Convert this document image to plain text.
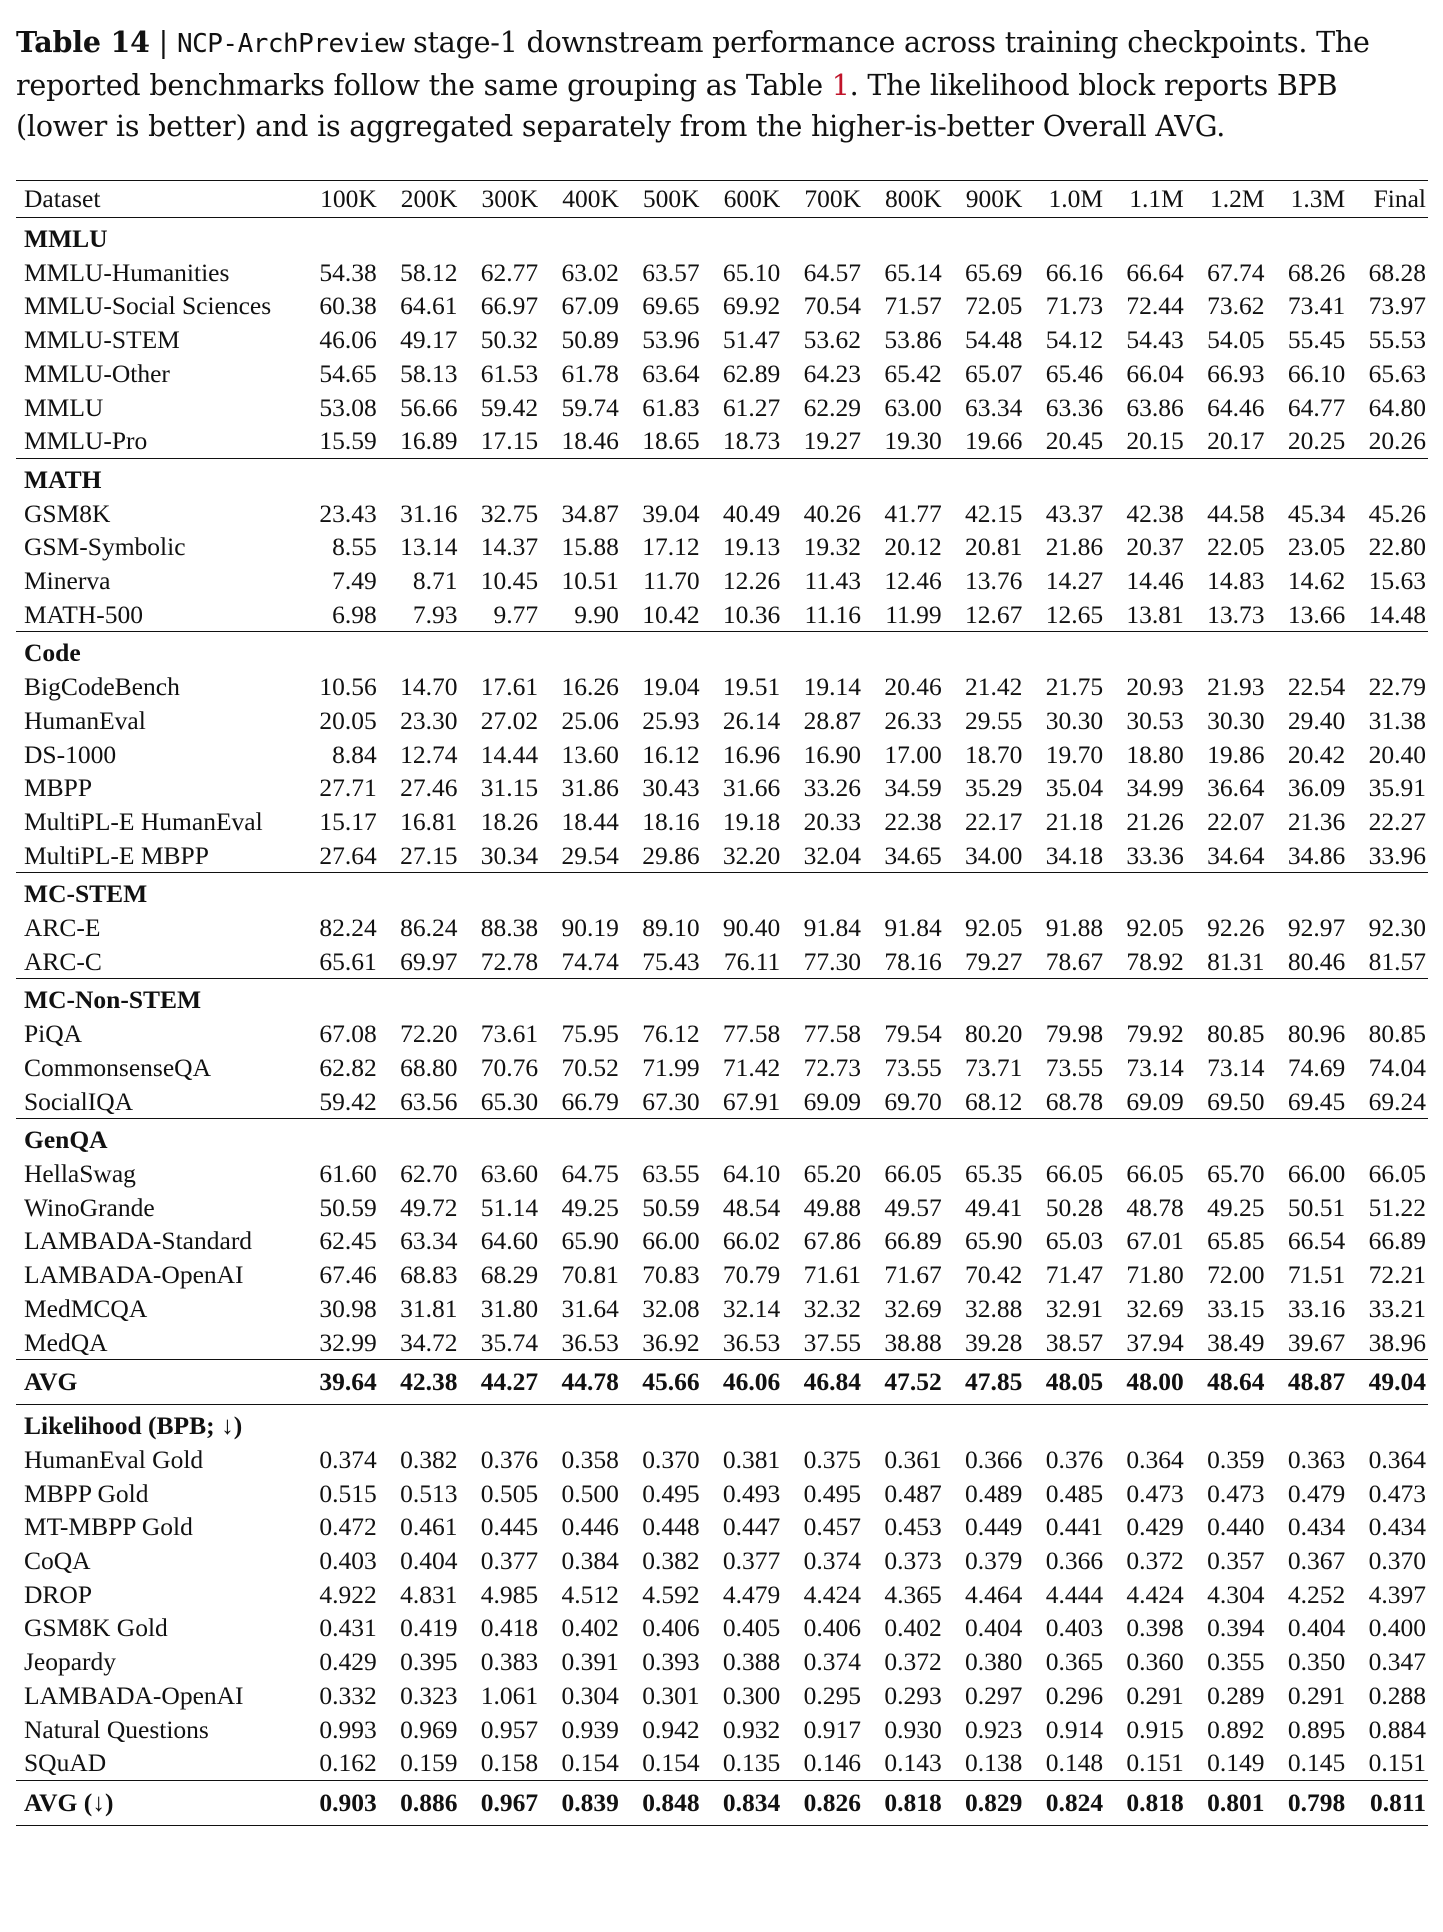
Table 14 | NCP-ArchPreview stage-1 downstream performance across training checkpoints. The reported benchmarks follow the same grouping as Table 1. The likelihood block reports BPB (lower is better) and is aggregated separately from the higher-is-better Overall AVG.
Dataset	100K	200K	300K	400K	500K	600K	700K	800K	900K	1.0M	1.1M	1.2M	1.3M	Final
MMLU														
MMLU-Humanities	54.38	58.12	62.77	63.02	63.57	65.10	64.57	65.14	65.69	66.16	66.64	67.74	68.26	68.28
MMLU-Social Sciences	60.38	64.61	66.97	67.09	69.65	69.92	70.54	71.57	72.05	71.73	72.44	73.62	73.41	73.97
MMLU-STEM	46.06	49.17	50.32	50.89	53.96	51.47	53.62	53.86	54.48	54.12	54.43	54.05	55.45	55.53
MMLU-Other	54.65	58.13	61.53	61.78	63.64	62.89	64.23	65.42	65.07	65.46	66.04	66.93	66.10	65.63
MMLU	53.08	56.66	59.42	59.74	61.83	61.27	62.29	63.00	63.34	63.36	63.86	64.46	64.77	64.80
MMLU-Pro	15.59	16.89	17.15	18.46	18.65	18.73	19.27	19.30	19.66	20.45	20.15	20.17	20.25	20.26
MATH														
GSM8K	23.43	31.16	32.75	34.87	39.04	40.49	40.26	41.77	42.15	43.37	42.38	44.58	45.34	45.26
GSM-Symbolic	8.55	13.14	14.37	15.88	17.12	19.13	19.32	20.12	20.81	21.86	20.37	22.05	23.05	22.80
Minerva	7.49	8.71	10.45	10.51	11.70	12.26	11.43	12.46	13.76	14.27	14.46	14.83	14.62	15.63
MATH-500	6.98	7.93	9.77	9.90	10.42	10.36	11.16	11.99	12.67	12.65	13.81	13.73	13.66	14.48
Code														
BigCodeBench	10.56	14.70	17.61	16.26	19.04	19.51	19.14	20.46	21.42	21.75	20.93	21.93	22.54	22.79
HumanEval	20.05	23.30	27.02	25.06	25.93	26.14	28.87	26.33	29.55	30.30	30.53	30.30	29.40	31.38
DS-1000	8.84	12.74	14.44	13.60	16.12	16.96	16.90	17.00	18.70	19.70	18.80	19.86	20.42	20.40
MBPP	27.71	27.46	31.15	31.86	30.43	31.66	33.26	34.59	35.29	35.04	34.99	36.64	36.09	35.91
MultiPL-E HumanEval	15.17	16.81	18.26	18.44	18.16	19.18	20.33	22.38	22.17	21.18	21.26	22.07	21.36	22.27
MultiPL-E MBPP	27.64	27.15	30.34	29.54	29.86	32.20	32.04	34.65	34.00	34.18	33.36	34.64	34.86	33.96
MC-STEM														
ARC-E	82.24	86.24	88.38	90.19	89.10	90.40	91.84	91.84	92.05	91.88	92.05	92.26	92.97	92.30
ARC-C	65.61	69.97	72.78	74.74	75.43	76.11	77.30	78.16	79.27	78.67	78.92	81.31	80.46	81.57
MC-Non-STEM														
PiQA	67.08	72.20	73.61	75.95	76.12	77.58	77.58	79.54	80.20	79.98	79.92	80.85	80.96	80.85
CommonsenseQA	62.82	68.80	70.76	70.52	71.99	71.42	72.73	73.55	73.71	73.55	73.14	73.14	74.69	74.04
SocialIQA	59.42	63.56	65.30	66.79	67.30	67.91	69.09	69.70	68.12	68.78	69.09	69.50	69.45	69.24
GenQA														
HellaSwag	61.60	62.70	63.60	64.75	63.55	64.10	65.20	66.05	65.35	66.05	66.05	65.70	66.00	66.05
WinoGrande	50.59	49.72	51.14	49.25	50.59	48.54	49.88	49.57	49.41	50.28	48.78	49.25	50.51	51.22
LAMBADA-Standard	62.45	63.34	64.60	65.90	66.00	66.02	67.86	66.89	65.90	65.03	67.01	65.85	66.54	66.89
LAMBADA-OpenAI	67.46	68.83	68.29	70.81	70.83	70.79	71.61	71.67	70.42	71.47	71.80	72.00	71.51	72.21
MedMCQA	30.98	31.81	31.80	31.64	32.08	32.14	32.32	32.69	32.88	32.91	32.69	33.15	33.16	33.21
MedQA	32.99	34.72	35.74	36.53	36.92	36.53	37.55	38.88	39.28	38.57	37.94	38.49	39.67	38.96
AVG	39.64	42.38	44.27	44.78	45.66	46.06	46.84	47.52	47.85	48.05	48.00	48.64	48.87	49.04
Likelihood (BPB; ↓)														
HumanEval Gold	0.374	0.382	0.376	0.358	0.370	0.381	0.375	0.361	0.366	0.376	0.364	0.359	0.363	0.364
MBPP Gold	0.515	0.513	0.505	0.500	0.495	0.493	0.495	0.487	0.489	0.485	0.473	0.473	0.479	0.473
MT-MBPP Gold	0.472	0.461	0.445	0.446	0.448	0.447	0.457	0.453	0.449	0.441	0.429	0.440	0.434	0.434
CoQA	0.403	0.404	0.377	0.384	0.382	0.377	0.374	0.373	0.379	0.366	0.372	0.357	0.367	0.370
DROP	4.922	4.831	4.985	4.512	4.592	4.479	4.424	4.365	4.464	4.444	4.424	4.304	4.252	4.397
GSM8K Gold	0.431	0.419	0.418	0.402	0.406	0.405	0.406	0.402	0.404	0.403	0.398	0.394	0.404	0.400
Jeopardy	0.429	0.395	0.383	0.391	0.393	0.388	0.374	0.372	0.380	0.365	0.360	0.355	0.350	0.347
LAMBADA-OpenAI	0.332	0.323	1.061	0.304	0.301	0.300	0.295	0.293	0.297	0.296	0.291	0.289	0.291	0.288
Natural Questions	0.993	0.969	0.957	0.939	0.942	0.932	0.917	0.930	0.923	0.914	0.915	0.892	0.895	0.884
SQuAD	0.162	0.159	0.158	0.154	0.154	0.135	0.146	0.143	0.138	0.148	0.151	0.149	0.145	0.151
AVG (↓)	0.903	0.886	0.967	0.839	0.848	0.834	0.826	0.818	0.829	0.824	0.818	0.801	0.798	0.811
